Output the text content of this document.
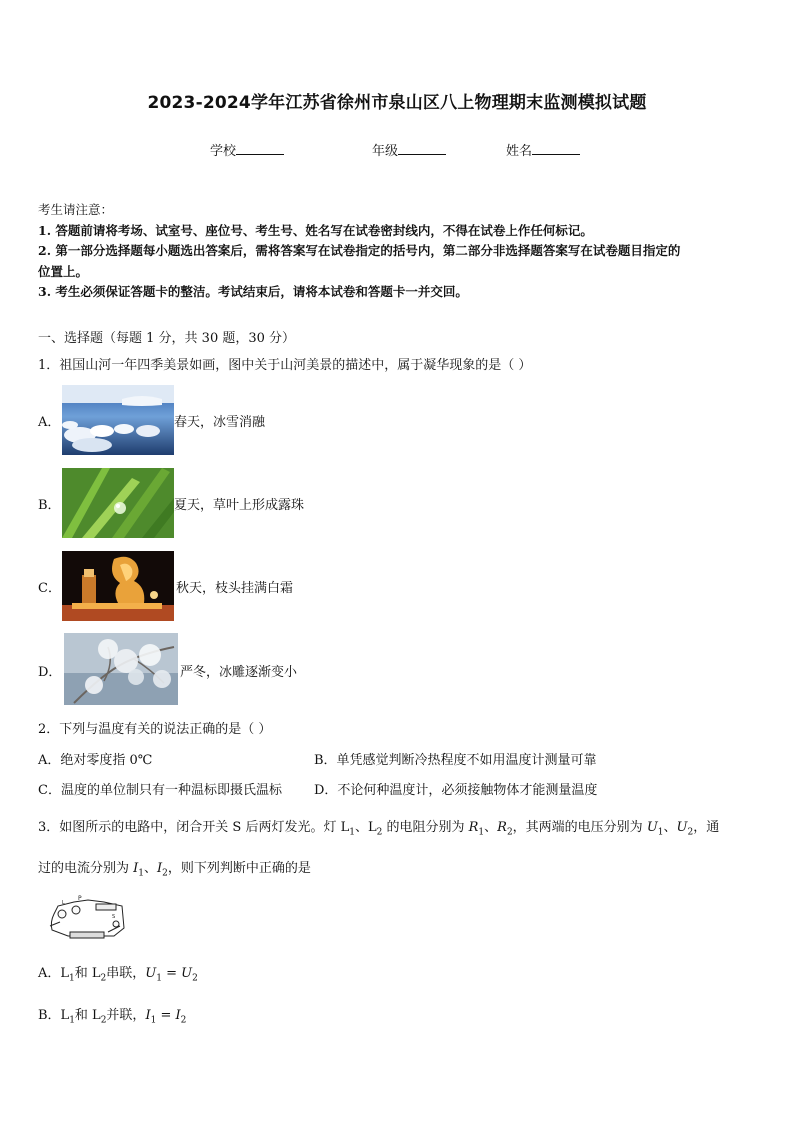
2023-2024学年江苏省徐州市泉山区八上物理期末监测模拟试题
学校	年级	姓名
考生请注意：
1. 答题前请将考场、试室号、座位号、考生号、姓名写在试卷密封线内，不得在试卷上作任何标记。
2. 第一部分选择题每小题选出答案后，需将答案写在试卷指定的括号内，第二部分非选择题答案写在试卷题目指定的
位置上。
3. 考生必须保证答题卡的整洁。考试结束后，请将本试卷和答题卡一并交回。
一、选择题（每题 1 分，共 30 题，30 分）
1．祖国山河一年四季美景如画，图中关于山河美景的描述中，属于凝华现象的是（ ）
A．	春天，冰雪消融
B．	夏天，草叶上形成露珠
C．	秋天，枝头挂满白霜
D．	严冬，冰雕逐渐变小
2．下列与温度有关的说法正确的是（ ）
A．绝对零度指 0℃	B．单凭感觉判断冷热程度不如用温度计测量可靠
C．温度的单位制只有一种温标即摄氏温标 D．不论何种温度计，必须接触物体才能测量温度
3．如图所示的电路中，闭合开关 S 后两灯发光。灯 $L_1$、$L_2$ 的电阻分别为 $R_1$、$R_2$，其两端的电压分别为 $U_1$、$U_2$，通
过的电流分别为 $I_1$、$I_2$，则下列判断中正确的是
P
L
S
A．$L_1$和 $L_2$串联，$U_1 = U_2$
B．$L_1$和 $L_2$并联，$I_1 = I_2$
